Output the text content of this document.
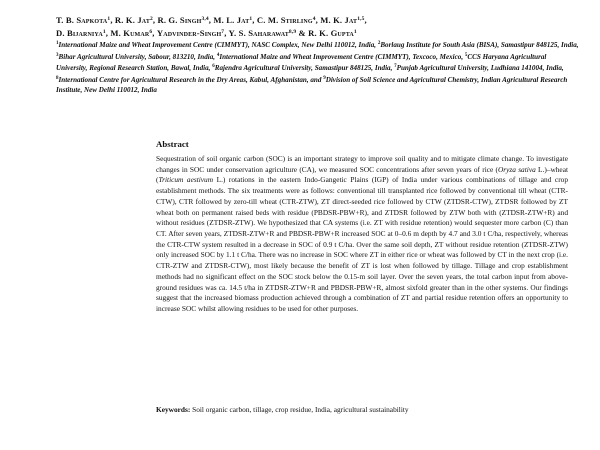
T. B. Sapkota$^1$, R. K. Jat$^2$, R. G. Singh$^{3,4}$, M. L. Jat$^1$, C. M. Stirling$^4$, M. K. Jat$^{1,5}$,
D. Bijarniya$^1$, M. Kumar$^6$, Yadvinder-Singh$^7$, Y. S. Saharawat$^{8,9}$ & R. K. Gupta$^1$
$^1$International Maize and Wheat Improvement Centre (CIMMYT), NASC Complex, New Delhi 110012, India, $^2$Borlaug Institute for South Asia (BISA), Samastipur 848125, India, $^3$Bihar Agricultural University, Sabour, 813210, India, $^4$International Maize and Wheat Improvement Centre (CIMMYT), Texcoco, Mexico, $^5$CCS Haryana Agricultural University, Regional Research Station, Bawal, India, $^6$Rajendra Agricultural University, Samastipur 848125, India, $^7$Punjab Agricultural University, Ludhiana 141004, India, $^8$International Centre for Agricultural Research in the Dry Areas, Kabul, Afghanistan, and $^9$Division of Soil Science and Agricultural Chemistry, Indian Agricultural Research Institute, New Delhi 110012, India
Abstract
Sequestration of soil organic carbon (SOC) is an important strategy to improve soil quality and to mitigate climate change. To investigate changes in SOC under conservation agriculture (CA), we measured SOC concentrations after seven years of rice (Oryza sativa L.)–wheat (Triticum aestivum L.) rotations in the eastern Indo-Gangetic Plains (IGP) of India under various combinations of tillage and crop establishment methods. The six treatments were as follows: conventional till transplanted rice followed by conventional till wheat (CTR-CTW), CTR followed by zero-till wheat (CTR-ZTW), ZT direct-seeded rice followed by CTW (ZTDSR-CTW), ZTDSR followed by ZT wheat both on permanent raised beds with residue (PBDSR-PBW+R), and ZTDSR followed by ZTW both with (ZTDSR-ZTW+R) and without residues (ZTDSR-ZTW). We hypothesized that CA systems (i.e. ZT with residue retention) would sequester more carbon (C) than CT. After seven years, ZTDSR-ZTW+R and PBDSR-PBW+R increased SOC at 0–0.6 m depth by 4.7 and 3.0 t C/ha, respectively, whereas the CTR-CTW system resulted in a decrease in SOC of 0.9 t C/ha. Over the same soil depth, ZT without residue retention (ZTDSR-ZTW) only increased SOC by 1.1 t C/ha. There was no increase in SOC where ZT in either rice or wheat was followed by CT in the next crop (i.e. CTR-ZTW and ZTDSR-CTW), most likely because the benefit of ZT is lost when followed by tillage. Tillage and crop establishment methods had no significant effect on the SOC stock below the 0.15-m soil layer. Over the seven years, the total carbon input from above-ground residues was ca. 14.5 t/ha in ZTDSR-ZTW+R and PBDSR-PBW+R, almost sixfold greater than in the other systems. Our findings suggest that the increased biomass production achieved through a combination of ZT and partial residue retention offers an opportunity to increase SOC whilst allowing residues to be used for other purposes.
Keywords: Soil organic carbon, tillage, crop residue, India, agricultural sustainability
